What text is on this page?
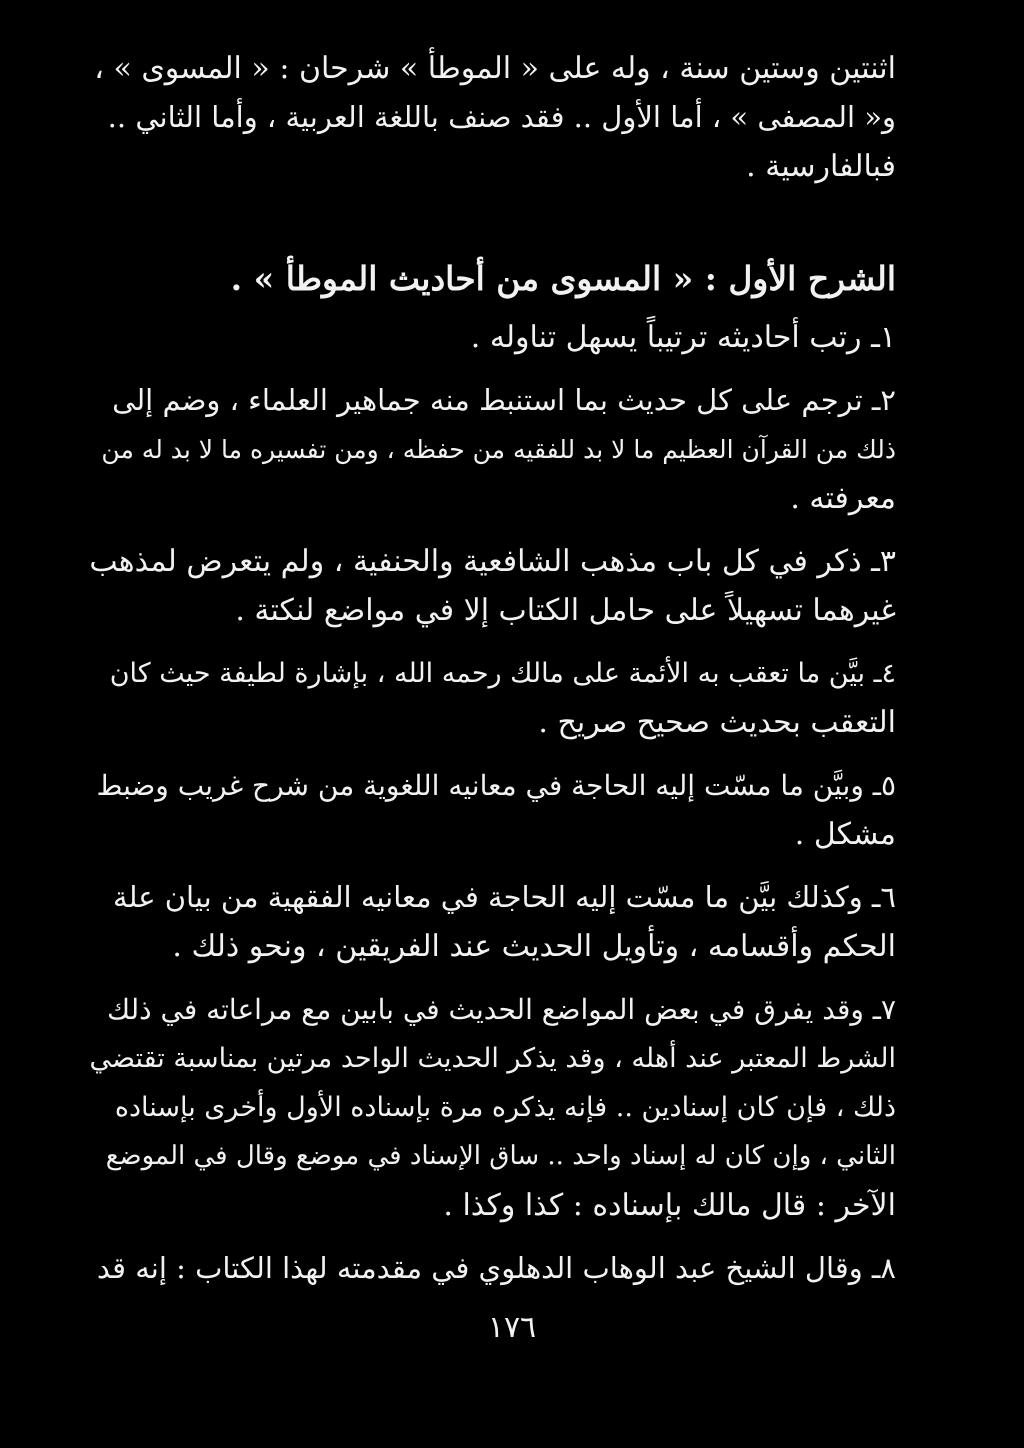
اثنتين وستين سنة ، وله على « الموطأ » شرحان : « المسوى » ،
و« المصفى » ، أما الأول .. فقد صنف باللغة العربية ، وأما الثاني ..
فبالفارسية .
الشرح الأول : « المسوى من أحاديث الموطأ » .
١ـ رتب أحاديثه ترتيباً يسهل تناوله .
٢ـ ترجم على كل حديث بما استنبط منه جماهير العلماء ، وضم إلى
ذلك من القرآن العظيم ما لا بد للفقيه من حفظه ، ومن تفسيره ما لا بد له من
معرفته .
٣ـ ذكر في كل باب مذهب الشافعية والحنفية ، ولم يتعرض لمذهب
غيرهما تسهيلاً على حامل الكتاب إلا في مواضع لنكتة .
٤ـ بيَّن ما تعقب به الأئمة على مالك رحمه الله ، بإشارة لطيفة حيث كان
التعقب بحديث صحيح صريح .
٥ـ وبيَّن ما مسّت إليه الحاجة في معانيه اللغوية من شرح غريب وضبط
مشكل .
٦ـ وكذلك بيَّن ما مسّت إليه الحاجة في معانيه الفقهية من بيان علة
الحكم وأقسامه ، وتأويل الحديث عند الفريقين ، ونحو ذلك .
٧ـ وقد يفرق في بعض المواضع الحديث في بابين مع مراعاته في ذلك
الشرط المعتبر عند أهله ، وقد يذكر الحديث الواحد مرتين بمناسبة تقتضي
ذلك ، فإن كان إسنادين .. فإنه يذكره مرة بإسناده الأول وأخرى بإسناده
الثاني ، وإن كان له إسناد واحد .. ساق الإسناد في موضع وقال في الموضع
الآخر : قال مالك بإسناده : كذا وكذا .
٨ـ وقال الشيخ عبد الوهاب الدهلوي في مقدمته لهذا الكتاب : إنه قد
١٧٦
